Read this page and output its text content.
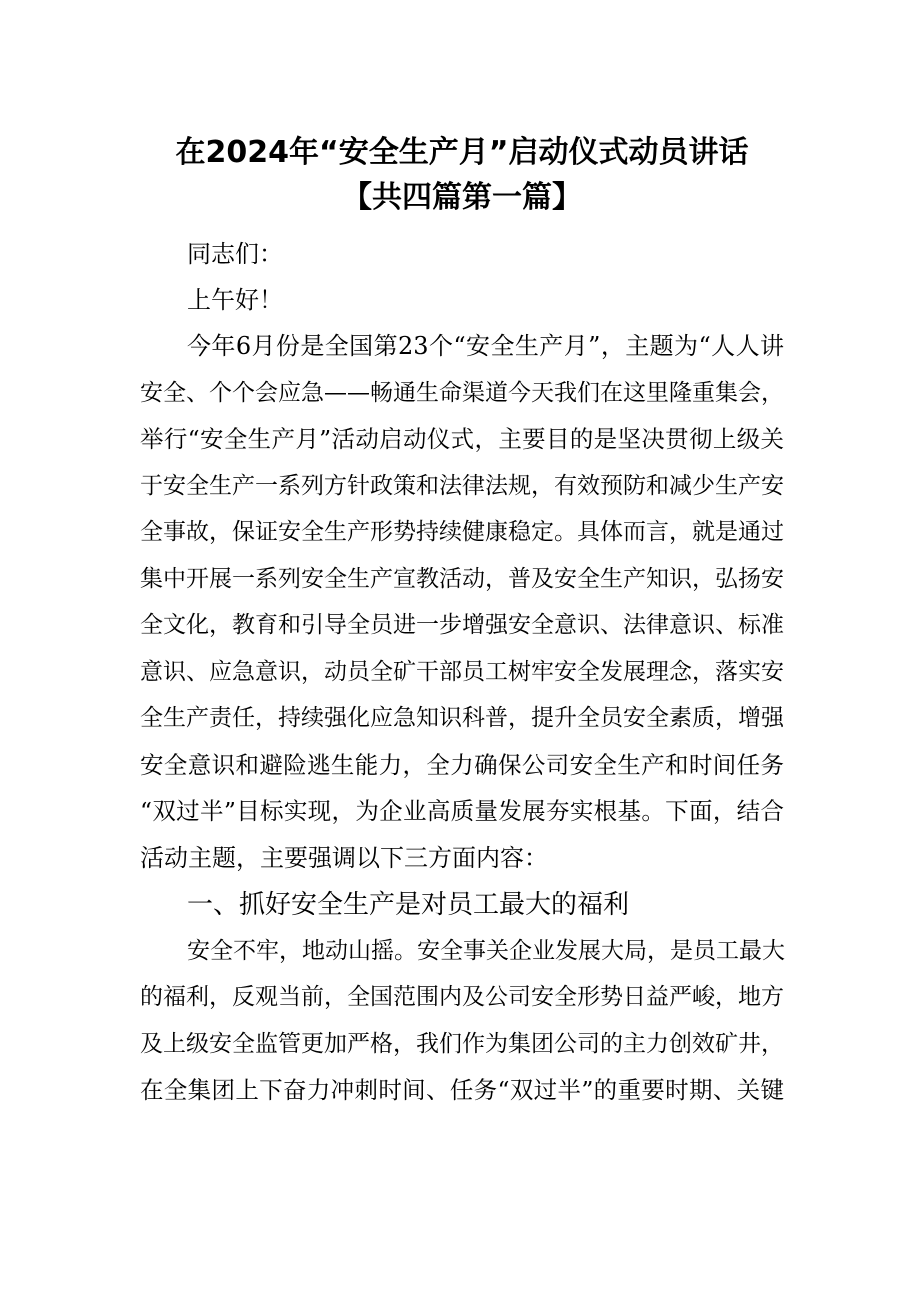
在2024年“安全生产月”启动仪式动员讲话
【共四篇第一篇】
同志们：
上午好！
今年6月份是全国第23个“安全生产月”，主题为“人人讲
安全、个个会应急——畅通生命渠道今天我们在这里隆重集会，
举行“安全生产月”活动启动仪式，主要目的是坚决贯彻上级关
于安全生产一系列方针政策和法律法规，有效预防和减少生产安
全事故，保证安全生产形势持续健康稳定。具体而言，就是通过
集中开展一系列安全生产宣教活动，普及安全生产知识，弘扬安
全文化，教育和引导全员进一步增强安全意识、法律意识、标准
意识、应急意识，动员全矿干部员工树牢安全发展理念，落实安
全生产责任，持续强化应急知识科普，提升全员安全素质，增强
安全意识和避险逃生能力，全力确保公司安全生产和时间任务
“双过半”目标实现，为企业高质量发展夯实根基。下面，结合
活动主题，主要强调以下三方面内容：
一、抓好安全生产是对员工最大的福利
安全不牢，地动山摇。安全事关企业发展大局，是员工最大
的福利，反观当前，全国范围内及公司安全形势日益严峻，地方
及上级安全监管更加严格，我们作为集团公司的主力创效矿井，
在全集团上下奋力冲刺时间、任务“双过半”的重要时期、关键
